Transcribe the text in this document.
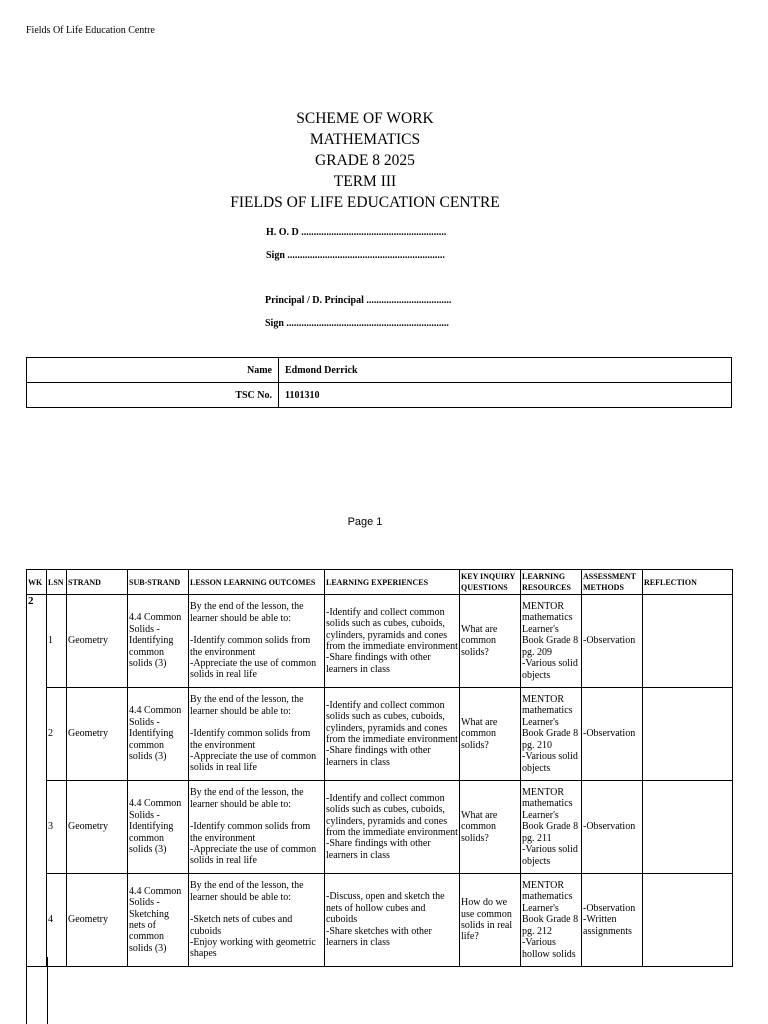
Fields Of Life Education Centre
SCHEME OF WORK
MATHEMATICS
GRADE 8 2025
TERM III
FIELDS OF LIFE EDUCATION CENTRE
H. O. D ..........................................................
Sign ...............................................................
Principal / D. Principal ..................................
Sign .................................................................
Name	Edmond Derrick
TSC No.	1101310
Page 1
WK	LSN	STRAND	SUB-STRAND	LESSON LEARNING OUTCOMES	LEARNING EXPERIENCES	KEY INQUIRY QUESTIONS	LEARNING RESOURCES	ASSESSMENT METHODS	REFLECTION
2	1	Geometry	4.4 Common Solids - Identifying common solids (3)	By the end of the lesson, the learner should be able to:
-Identify common solids from the environment
-Appreciate the use of common solids in real life	-Identify and collect common solids such as cubes, cuboids, cylinders, pyramids and cones from the immediate environment
-Share findings with other learners in class	What are common solids?	MENTOR mathematics Learner's Book Grade 8 pg. 209
-Various solid objects	-Observation	

	2	Geometry	4.4 Common Solids - Identifying common solids (3)	By the end of the lesson, the learner should be able to:
-Identify common solids from the environment
-Appreciate the use of common solids in real life	-Identify and collect common solids such as cubes, cuboids, cylinders, pyramids and cones from the immediate environment
-Share findings with other learners in class	What are common solids?	MENTOR mathematics Learner's Book Grade 8 pg. 210
-Various solid objects	-Observation	

	3	Geometry	4.4 Common Solids - Identifying common solids (3)	By the end of the lesson, the learner should be able to:
-Identify common solids from the environment
-Appreciate the use of common solids in real life	-Identify and collect common solids such as cubes, cuboids, cylinders, pyramids and cones from the immediate environment
-Share findings with other learners in class	What are common solids?	MENTOR mathematics Learner's Book Grade 8 pg. 211
-Various solid objects	-Observation	

	4	Geometry	4.4 Common Solids - Sketching nets of common solids (3)	By the end of the lesson, the learner should be able to:
-Sketch nets of cubes and cuboids
-Enjoy working with geometric shapes	-Discuss, open and sketch the nets of hollow cubes and cuboids
-Share sketches with other learners in class	How do we use common solids in real life?	MENTOR mathematics Learner's Book Grade 8 pg. 212
-Various hollow solids	-Observation
-Written assignments	
